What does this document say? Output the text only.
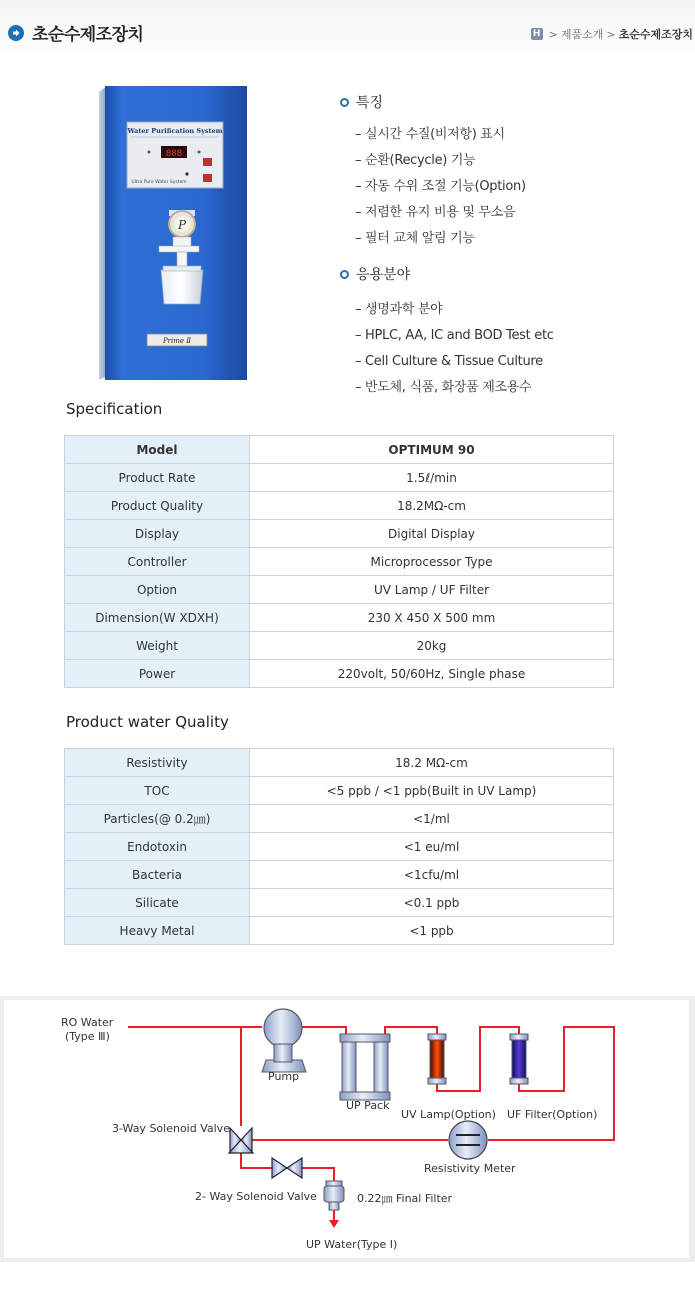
초순수제조장치	H > 제품소개 > 초순수제조장치
Water Purification System
888
Ultra Pure Water System
P
Prime Ⅱ
특징
– 실시간 수질(비저항) 표시
– 순환(Recycle) 기능
– 자동 수위 조절 기능(Option)
– 저렴한 유지 비용 및 무소음
– 필터 교체 알림 기능
응용분야
– 생명과학 분야
– HPLC, AA, IC and BOD Test etc
– Cell Culture & Tissue Culture
– 반도체, 식품, 화장품 제조용수
Specification
Model	OPTIMUM 90
Product Rate	1.5ℓ/min
Product Quality	18.2MΩ-cm
Display	Digital Display
Controller	Microprocessor Type
Option	UV Lamp / UF Filter
Dimension(W XDXH)	230 X 450 X 500 mm
Weight	20kg
Power	220volt, 50/60Hz, Single phase
Product water Quality
Resistivity	18.2 MΩ-cm
TOC	<5 ppb / <1 ppb(Built in UV Lamp)
Particles(@ 0.2㎛)	<1/ml
Endotoxin	<1 eu/ml
Bacteria	<1cfu/ml
Silicate	<0.1 ppb
Heavy Metal	<1 ppb
RO Water
(Type Ⅲ)
Pump
UP Pack
UV Lamp(Option) UF Filter(Option)
3-Way Solenoid Valve
Resistivity Meter
2- Way Solenoid Valve	0.22㎛ Final Filter
UP Water(Type I)
